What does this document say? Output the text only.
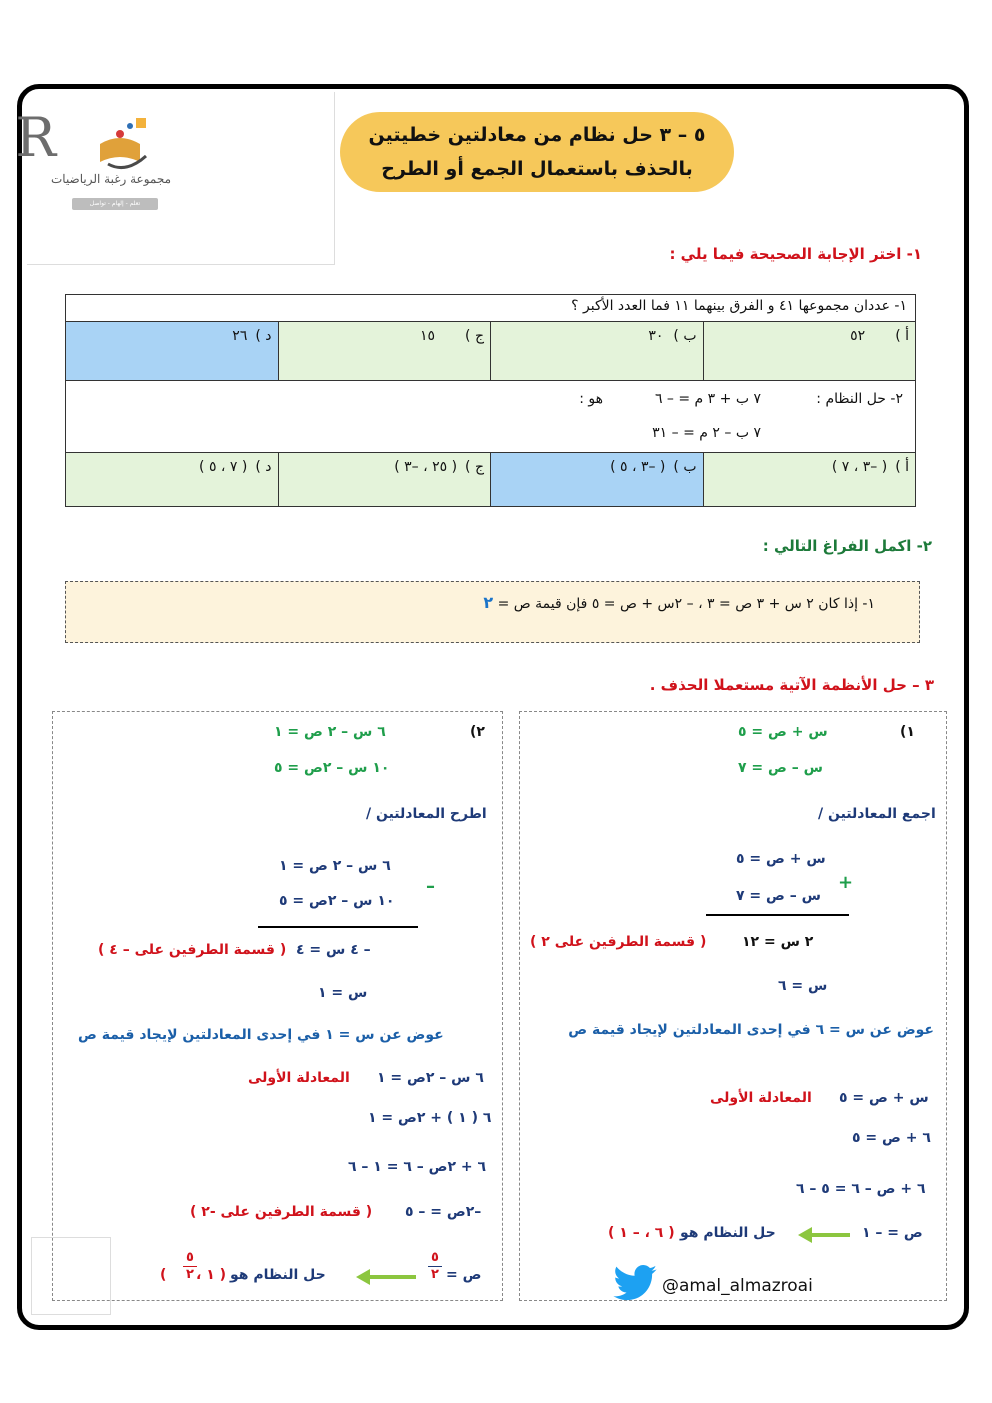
R
مجموعة رغبة الرياضيات
تعلم - إلهام - تواصل
٥ – ٣ حل نظام من معادلتين خطيتين
بالحذف باستعمال الجمع أو الطرح
١- اختر الإجابة الصحيحة فيما يلي :
١- عددان مجموعها ٤١ و الفرق بينهما ١١ فما العدد الأكبر ؟
أ )
٥٢

ب )
٣٠

ج )
١٥

د )
٢٦
٢- حل النظام :
٧ ب + ٣ م = – ٦
هو :
٧ ب – ٢ م = – ٣١
أ )
( –٣ ، ٧ )

ب )
( –٣ ، ٥ )

ج )
( ٢٥ ، –٣ )

د )
( ٧ ، ٥ )
٢- اكمل الفراغ التالي :
١- إذا كان ٢ س + ٣ ص = ٣ ، – ٢س + ص = ٥ فإن قيمة ص = ٢
٣ – حل الأنظمة الآتية مستعملا الحذف .
١)
س + ص = ٥
س – ص = ٧
اجمع المعادلتين /
س + ص = ٥
س – ص = ٧
+
٢ س = ١٢
( قسمة الطرفين على ٢ )
س = ٦
عوض عن س = ٦ في إحدى المعادلتين لإيجاد قيمة ص
س + ص = ٥
المعادلة الأولى
٦ + ص = ٥
٦ + ص – ٦ = ٥ – ٦
ص = – ١
حل النظام هو
( ٦ ، – ١ )
٢)
٦ س – ٢ ص = ١
١٠ س – ٢ص = ٥
اطرح المعادلتين /
٦ س – ٢ ص = ١
١٠ س – ٢ص = ٥
–
– ٤ س = ٤
( قسمة الطرفين على – ٤ )
س = ١
عوض عن س = ١ في إحدى المعادلتين لإيجاد قيمة ص
٦ س – ٢ص = ١
المعادلة الأولى
٦ ( ١ ) + ٢ص = ١
٦ + ٢ص – ٦ = ١ – ٦
–٢ص = – ٥
( قسمة الطرفين على -٢ )
ص =
٥
٢
حل النظام هو
( ١ ،
٥
٢
)
@amal_almazroai
